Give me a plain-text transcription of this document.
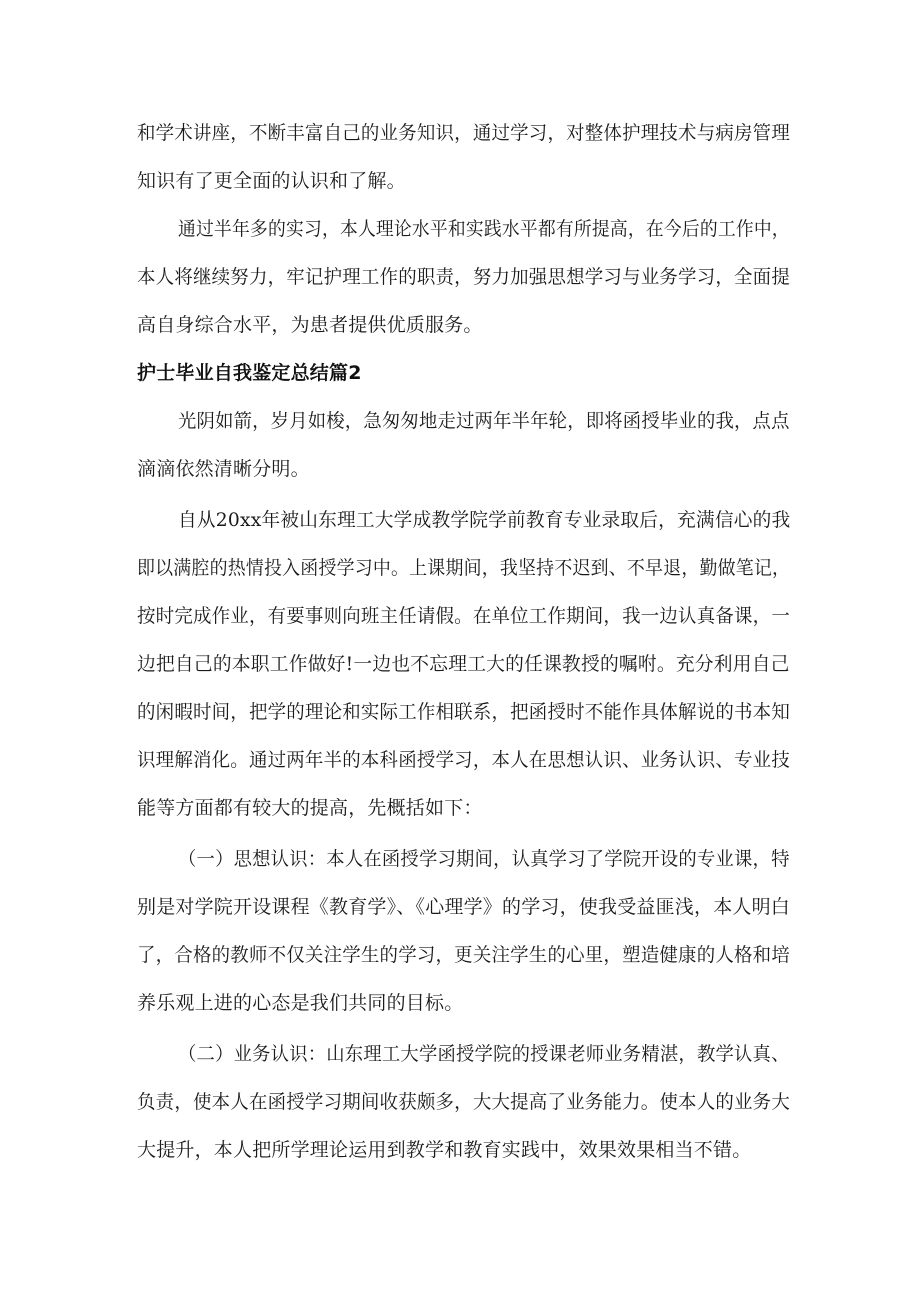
和学术讲座，不断丰富自己的业务知识，通过学习，对整体护理技术与病房管理
知识有了更全面的认识和了解。
通过半年多的实习，本人理论水平和实践水平都有所提高，在今后的工作中，
本人将继续努力，牢记护理工作的职责，努力加强思想学习与业务学习，全面提
高自身综合水平，为患者提供优质服务。
护士毕业自我鉴定总结篇2
光阴如箭，岁月如梭，急匆匆地走过两年半年轮，即将函授毕业的我，点点
滴滴依然清晰分明。
自从20xx年被山东理工大学成教学院学前教育专业录取后，充满信心的我
即以满腔的热情投入函授学习中。上课期间，我坚持不迟到、不早退，勤做笔记，
按时完成作业，有要事则向班主任请假。在单位工作期间，我一边认真备课，一
边把自己的本职工作做好!一边也不忘理工大的任课教授的嘱咐。充分利用自己
的闲暇时间，把学的理论和实际工作相联系，把函授时不能作具体解说的书本知
识理解消化。通过两年半的本科函授学习，本人在思想认识、业务认识、专业技
能等方面都有较大的提高，先概括如下：
（一）思想认识：本人在函授学习期间，认真学习了学院开设的专业课，特
别是对学院开设课程《教育学》、《心理学》的学习，使我受益匪浅，本人明白
了，合格的教师不仅关注学生的学习，更关注学生的心里，塑造健康的人格和培
养乐观上进的心态是我们共同的目标。
（二）业务认识：山东理工大学函授学院的授课老师业务精湛，教学认真、
负责，使本人在函授学习期间收获颇多，大大提高了业务能力。使本人的业务大
大提升，本人把所学理论运用到教学和教育实践中，效果效果相当不错。
